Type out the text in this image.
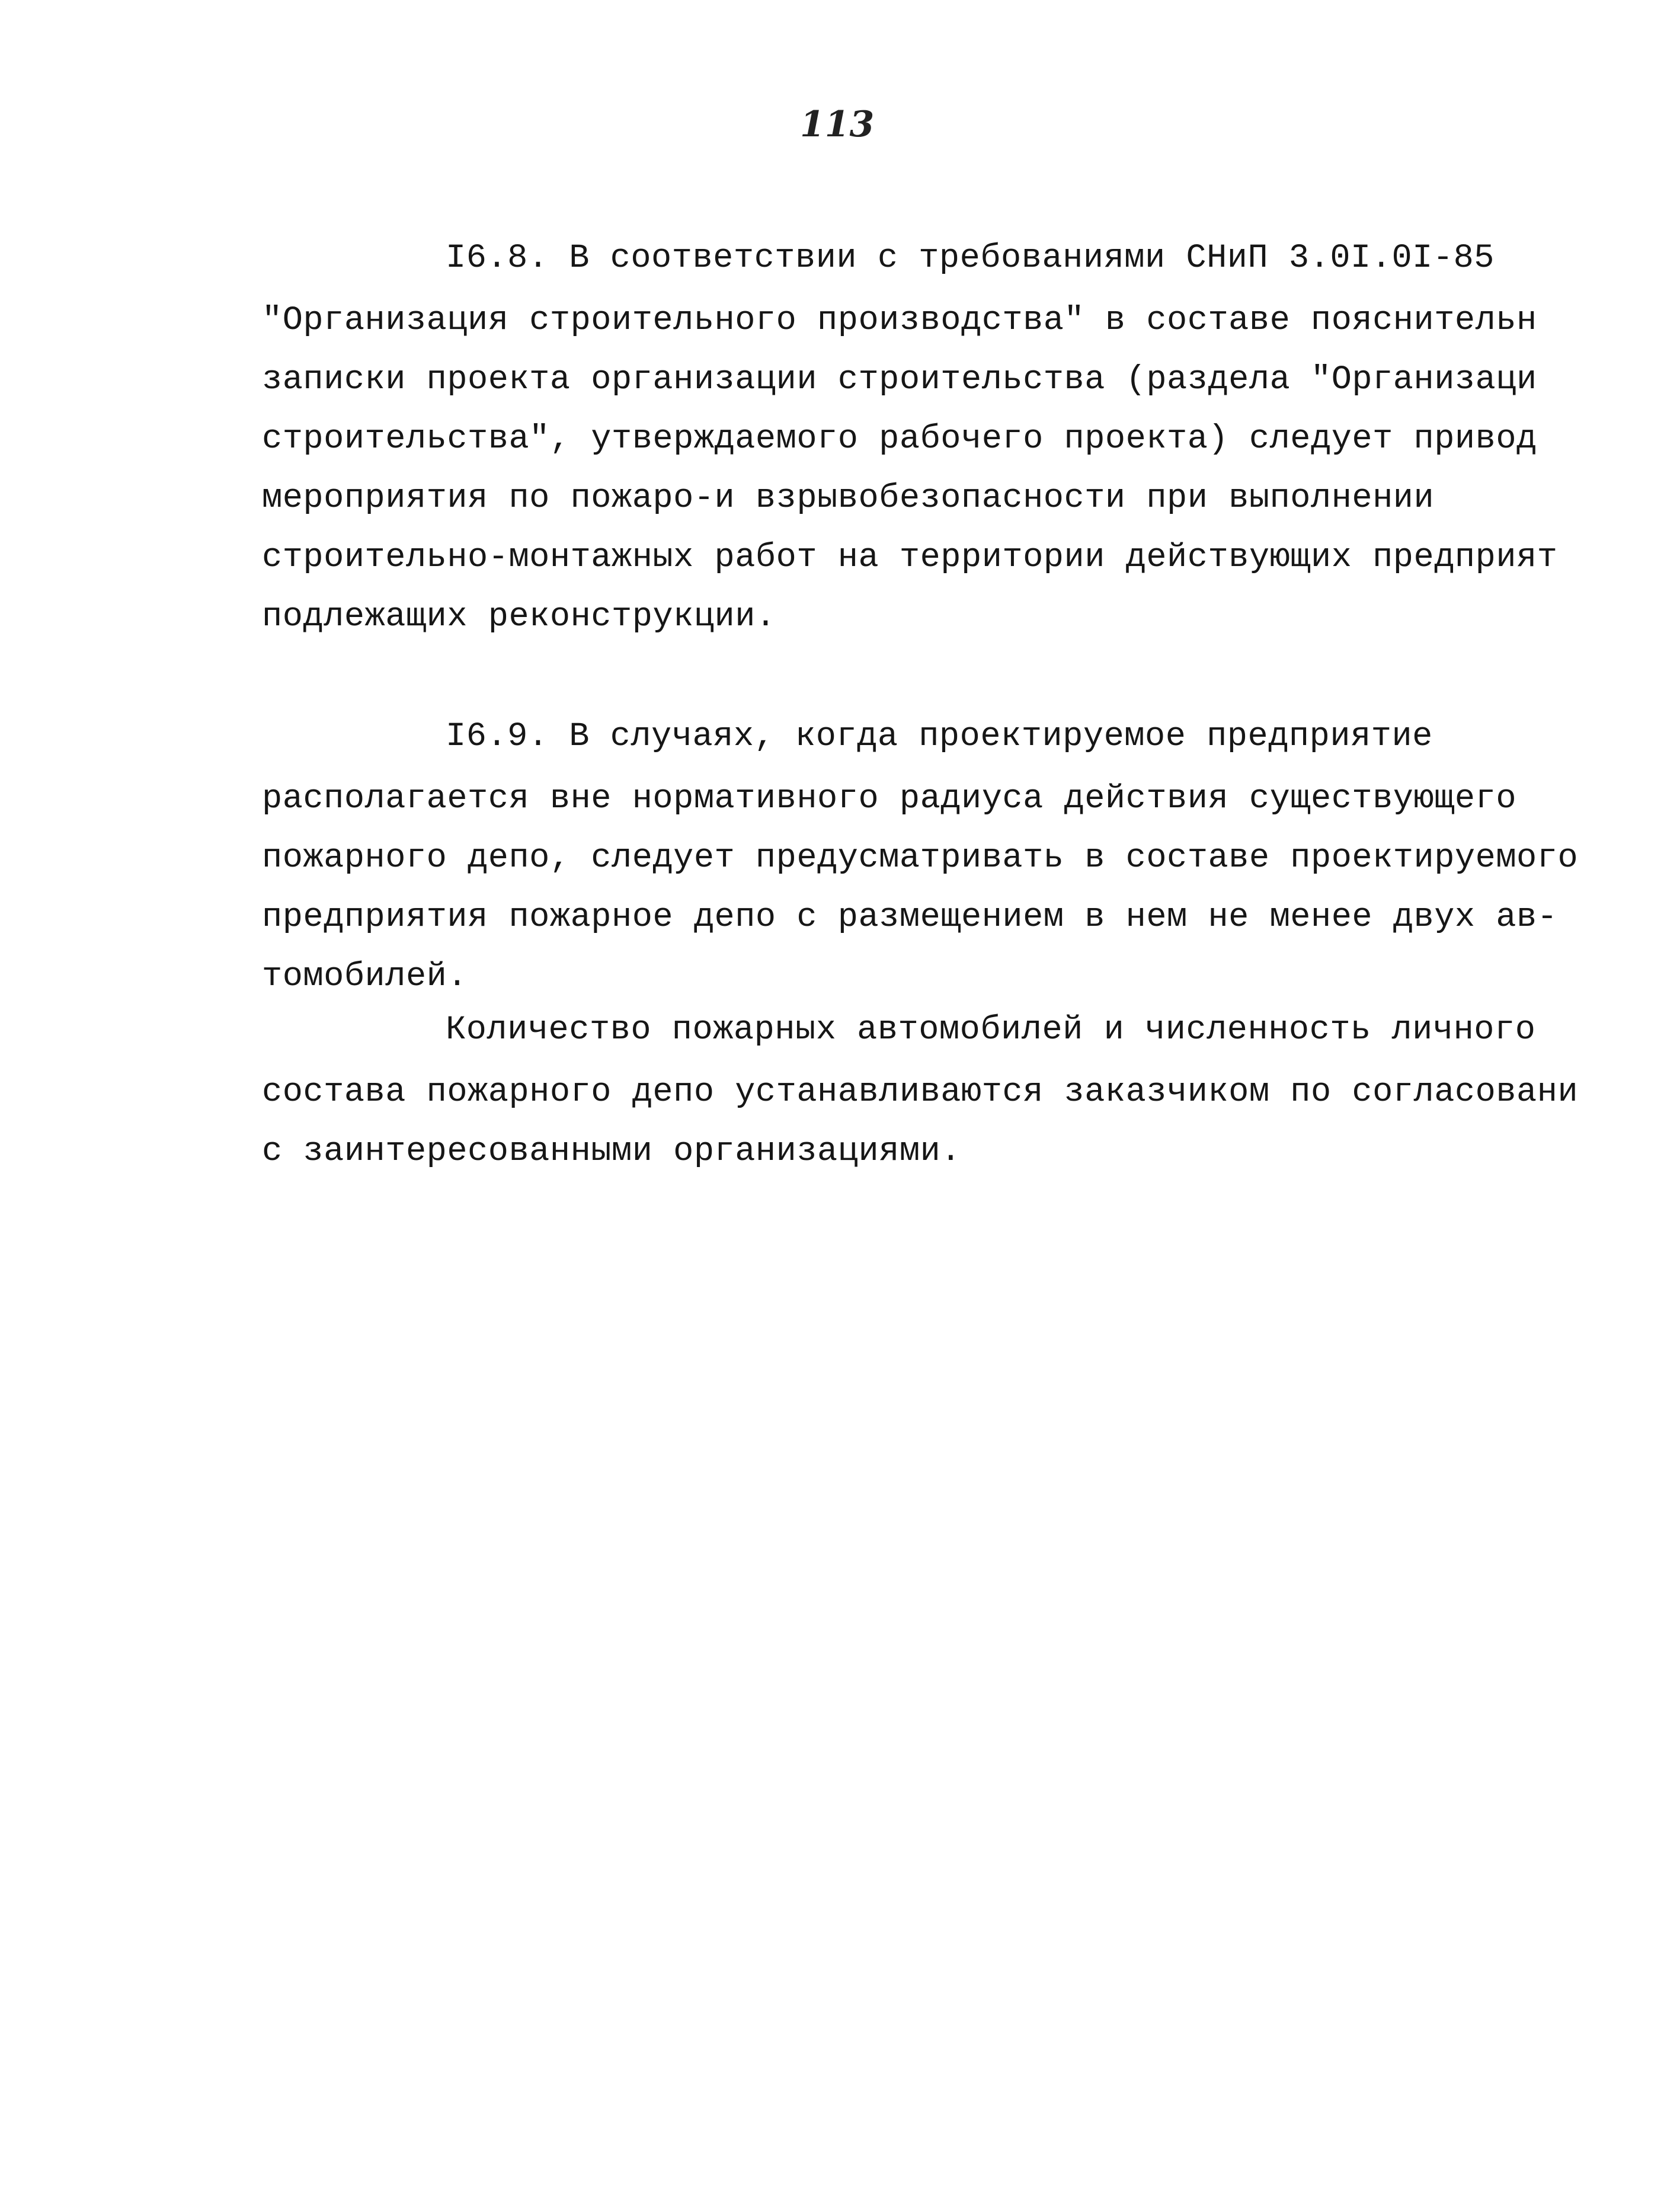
113
I6.8. В соответствии с требованиями СНиП 3.0I.0I-85
"Организация строительного производства" в составе пояснительн
записки проекта организации строительства (раздела "Организаци
строительства", утверждаемого рабочего проекта) следует привод
мероприятия по пожаро-и взрывобезопасности при выполнении
строительно-монтажных работ на территории действующих предприят
подлежащих реконструкции.
I6.9. В случаях, когда проектируемое предприятие
располагается вне нормативного радиуса действия существующего
пожарного депо, следует предусматривать в составе проектируемого
предприятия пожарное депо с размещением в нем не менее двух ав-
томобилей.
Количество пожарных автомобилей и численность личного
состава пожарного депо устанавливаются заказчиком по согласовани
с заинтересованными организациями.
